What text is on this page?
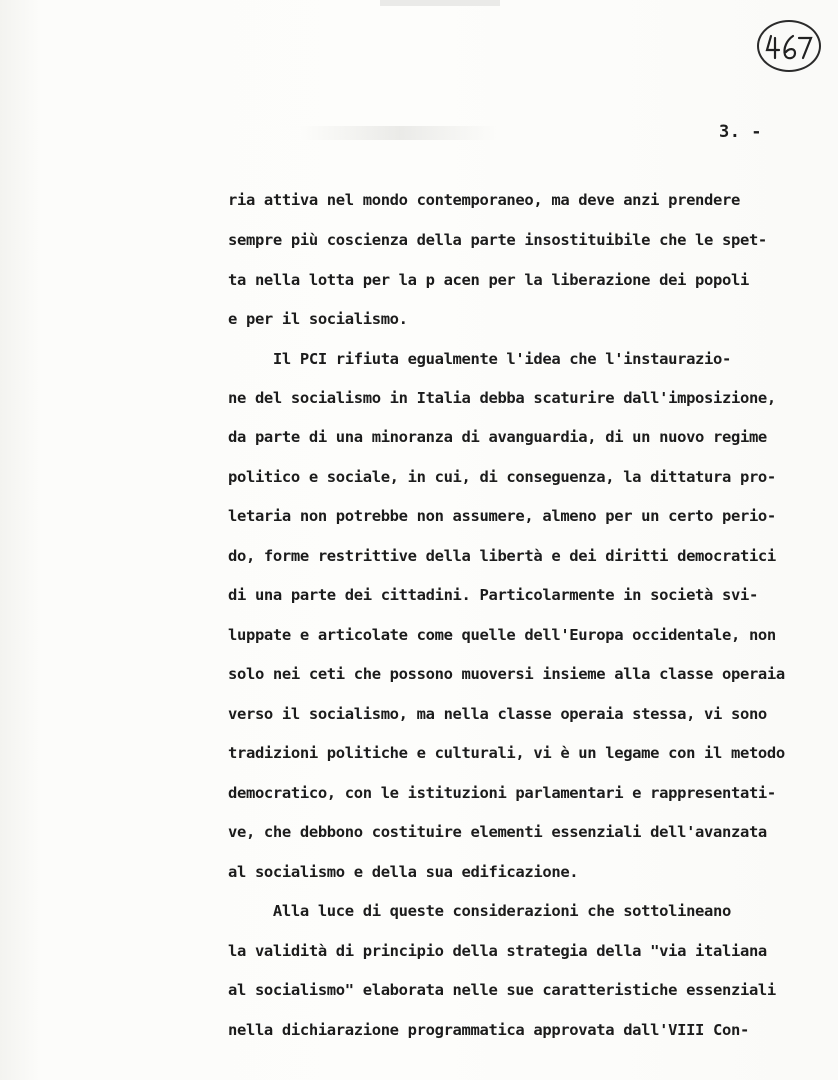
3. -
ria attiva nel mondo contemporaneo, ma deve anzi prendere
sempre più coscienza della parte insostituibile che le spet-
ta nella lotta per la p acen per la liberazione dei popoli
e per il socialismo.
Il PCI rifiuta egualmente l'idea che l'instaurazio-
ne del socialismo in Italia debba scaturire dall'imposizione,
da parte di una minoranza di avanguardia, di un nuovo regime
politico e sociale, in cui, di conseguenza, la dittatura pro-
letaria non potrebbe non assumere, almeno per un certo perio-
do, forme restrittive della libertà e dei diritti democratici
di una parte dei cittadini. Particolarmente in società svi-
luppate e articolate come quelle dell'Europa occidentale, non
solo nei ceti che possono muoversi insieme alla classe operaia
verso il socialismo, ma nella classe operaia stessa, vi sono
tradizioni politiche e culturali, vi è un legame con il metodo
democratico, con le istituzioni parlamentari e rappresentati-
ve, che debbono costituire elementi essenziali dell'avanzata
al socialismo e della sua edificazione.
Alla luce di queste considerazioni che sottolineano
la validità di principio della strategia della "via italiana
al socialismo" elaborata nelle sue caratteristiche essenziali
nella dichiarazione programmatica approvata dall'VIII Con-
